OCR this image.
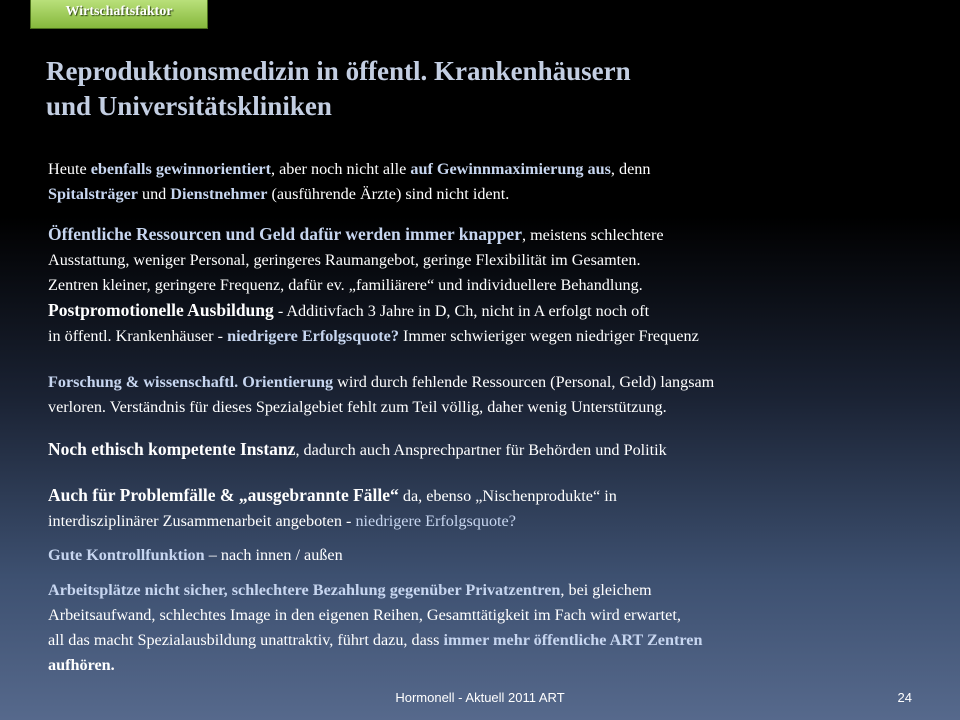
Wirtschaftsfaktor
Reproduktionsmedizin in öffentl. Krankenhäusern
und Universitätskliniken
Heute ebenfalls gewinnorientiert, aber noch nicht alle auf Gewinnmaximierung aus, denn
Spitalsträger und Dienstnehmer (ausführende Ärzte) sind nicht ident.
Öffentliche Ressourcen und Geld dafür werden immer knapper, meistens schlechtere
Ausstattung, weniger Personal, geringeres Raumangebot, geringe Flexibilität im Gesamten.
Zentren kleiner, geringere Frequenz, dafür ev. „familiärere“ und individuellere Behandlung.
Postpromotionelle Ausbildung - Additivfach 3 Jahre in D, Ch, nicht in A erfolgt noch oft
in öffentl. Krankenhäuser - niedrigere Erfolgsquote? Immer schwieriger wegen niedriger Frequenz
Forschung & wissenschaftl. Orientierung wird durch fehlende Ressourcen (Personal, Geld) langsam
verloren. Verständnis für dieses Spezialgebiet fehlt zum Teil völlig, daher wenig Unterstützung.
Noch ethisch kompetente Instanz, dadurch auch Ansprechpartner für Behörden und Politik
Auch für Problemfälle & „ausgebrannte Fälle“ da, ebenso „Nischenprodukte“ in
interdisziplinärer Zusammenarbeit angeboten - niedrigere Erfolgsquote?
Gute Kontrollfunktion – nach innen / außen
Arbeitsplätze nicht sicher, schlechtere Bezahlung gegenüber Privatzentren, bei gleichem
Arbeitsaufwand, schlechtes Image in den eigenen Reihen, Gesamttätigkeit im Fach wird erwartet,
all das macht Spezialausbildung unattraktiv, führt dazu, dass immer mehr öffentliche ART Zentren
aufhören.
Hormonell - Aktuell 2011 ART	24
